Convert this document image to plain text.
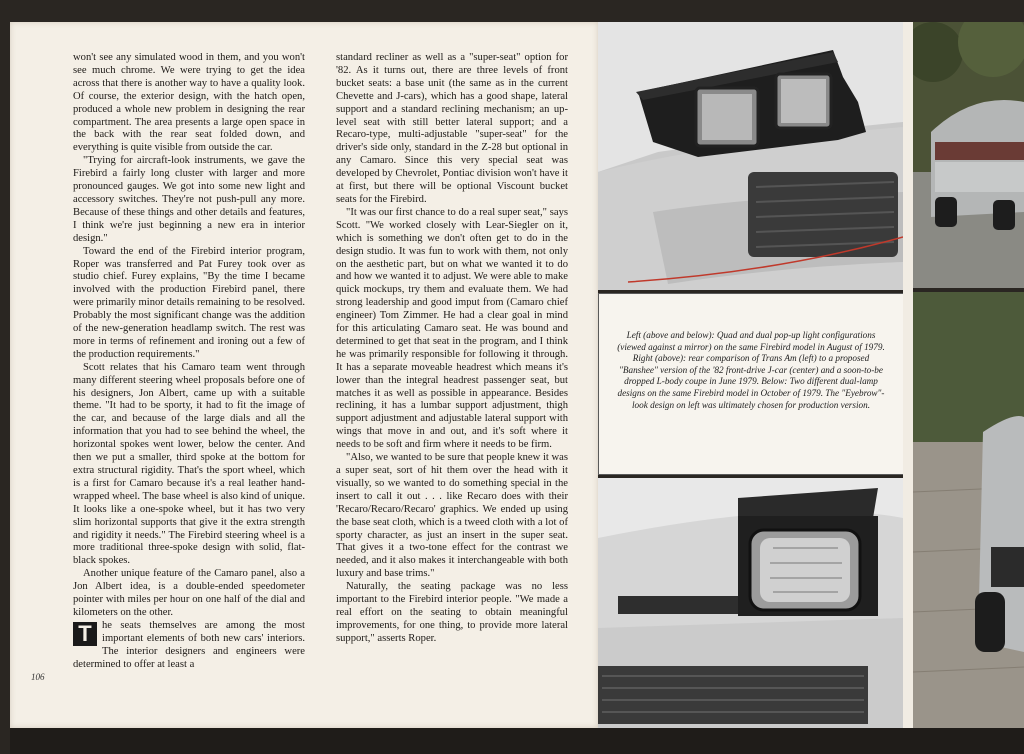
won't see any simulated wood in them, and you won't see much chrome. We were trying to get the idea across that there is another way to have a quality look. Of course, the exterior design, with the hatch open, produced a whole new problem in designing the rear compartment. The area presents a large open space in the back with the rear seat folded down, and everything is quite visible from outside the car.

"Trying for aircraft-look instruments, we gave the Firebird a fairly long cluster with larger and more pronounced gauges. We got into some new light and accessory switches. They're not push-pull any more. Because of these things and other details and features, I think we're just beginning a new era in interior design."

Toward the end of the Firebird interior program, Roper was transferred and Pat Furey took over as studio chief. Furey explains, "By the time I became involved with the production Firebird panel, there were primarily minor details remaining to be resolved. Probably the most significant change was the addition of the new-generation headlamp switch. The rest was more in terms of refinement and ironing out a few of the production requirements."

Scott relates that his Camaro team went through many different steering wheel proposals before one of his designers, Jon Albert, came up with a suitable theme. "It had to be sporty, it had to fit the image of the car, and because of the large dials and all the information that you had to see behind the wheel, the horizontal spokes went lower, below the center. And then we put a smaller, third spoke at the bottom for extra structural rigidity. That's the sport wheel, which is a first for Camaro because it's a real leather hand-wrapped wheel. The base wheel is also kind of unique. It looks like a one-spoke wheel, but it has two very slim horizontal supports that give it the extra strength and rigidity it needs." The Firebird steering wheel is a more traditional three-spoke design with solid, flat-black spokes.

Another unique feature of the Camaro panel, also a Jon Albert idea, is a double-ended speedometer pointer with miles per hour on one half of the dial and kilometers on the other.

T he seats themselves are among the most important elements of both new cars' interiors. The interior designers and engineers were determined to offer at least a

standard recliner as well as a "super-seat" option for '82. As it turns out, there are three levels of front bucket seats: a base unit (the same as in the current Chevette and J-cars), which has a good shape, lateral support and a standard reclining mechanism; an up-level seat with still better lateral support; and a Recaro-type, multi-adjustable "super-seat" for the driver's side only, standard in the Z-28 but optional in any Camaro. Since this very special seat was developed by Chevrolet, Pontiac division won't have it at first, but there will be optional Viscount bucket seats for the Firebird.

"It was our first chance to do a real super seat," says Scott. "We worked closely with Lear-Siegler on it, which is something we don't often get to do in the design studio. It was fun to work with them, not only on the aesthetic part, but on what we wanted it to do and how we wanted it to adjust. We were able to make quick mockups, try them and evaluate them. We had strong leadership and good imput from (Camaro chief engineer) Tom Zimmer. He had a clear goal in mind for this articulating Camaro seat. He was bound and determined to get that seat in the program, and I think he was primarily responsible for following it through. It has a separate moveable headrest which means it's lower than the integral headrest passenger seat, but matches it as well as possible in appearance. Besides reclining, it has a lumbar support adjustment, thigh support adjustment and adjustable lateral support with wings that move in and out, and it's soft where it needs to be soft and firm where it needs to be firm.

"Also, we wanted to be sure that people knew it was a super seat, sort of hit them over the head with it visually, so we wanted to do something special in the insert to call it out . . . like Recaro does with their 'Recaro/Recaro/Recaro' graphics. We ended up using the base seat cloth, which is a tweed cloth with a lot of sporty character, as just an insert in the super seat. That gives it a two-tone effect for the contrast we needed, and it also makes it interchangeable with both luxury and base trims."

Naturally, the seating package was no less important to the Firebird interior people. "We made a real effort on the seating to obtain meaningful improvements, for one thing, to provide more lateral support," asserts Roper.

106
Left (above and below): Quad and dual pop-up light configurations (viewed against a mirror) on the same Firebird model in August of 1979. Right (above): rear comparison of Trans Am (left) to a proposed "Banshee" version of the '82 front-drive J-car (center) and a soon-to-be dropped L-body coupe in June 1979. Below: Two different dual-lamp designs on the same Firebird model in October of 1979. The "Eyebrow"-look design on left was ultimately chosen for production version.
